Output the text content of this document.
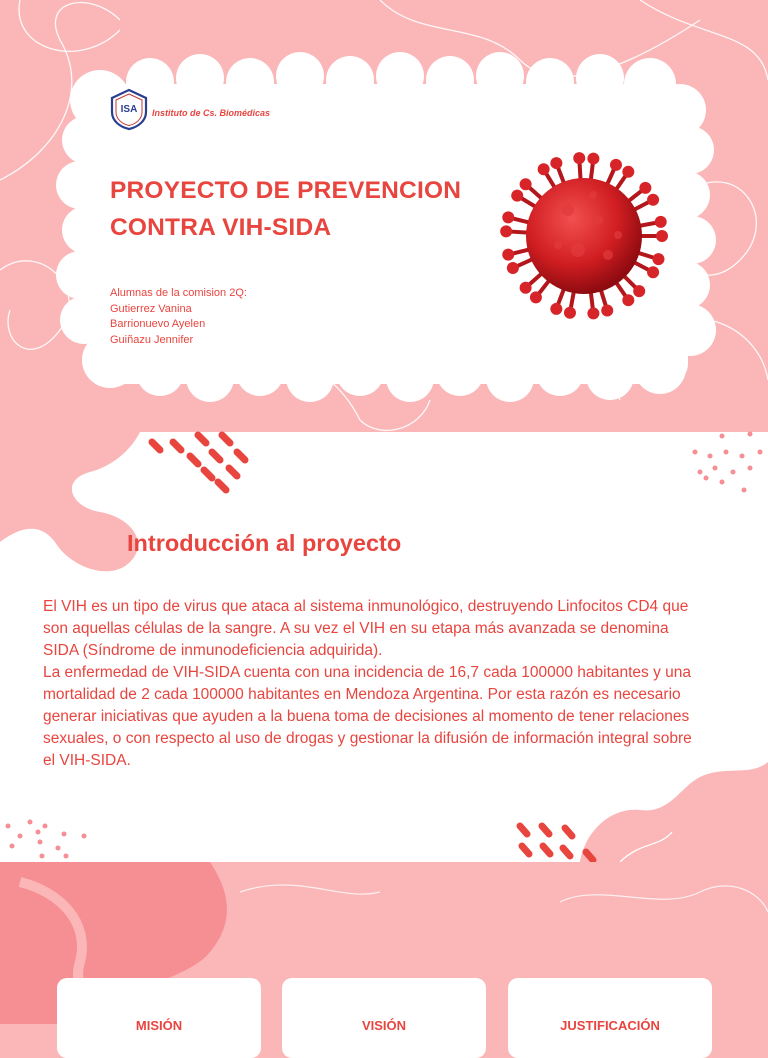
ISA Instituto de Cs. Biomédicas
PROYECTO DE PREVENCION
CONTRA VIH-SIDA
Alumnas de la comision 2Q:
Gutierrez Vanina
Barrionuevo Ayelen
Guiñazu Jennifer
Introducción al proyecto

El VIH es un tipo de virus que ataca al sistema inmunológico, destruyendo Linfocitos CD4 que son aquellas células de la sangre. A su vez el VIH en su etapa más avanzada se denomina SIDA (Síndrome de inmunodeficiencia adquirida).

La enfermedad de VIH-SIDA cuenta con una incidencia de 16,7 cada 100000 habitantes y una mortalidad de 2 cada 100000 habitantes en Mendoza Argentina. Por esta razón es necesario generar iniciativas que ayuden a la buena toma de decisiones al momento de tener relaciones sexuales, o con respecto al uso de drogas y gestionar la difusión de información integral sobre el VIH-SIDA.

MISIÓN	VISIÓN	JUSTIFICACIÓN
